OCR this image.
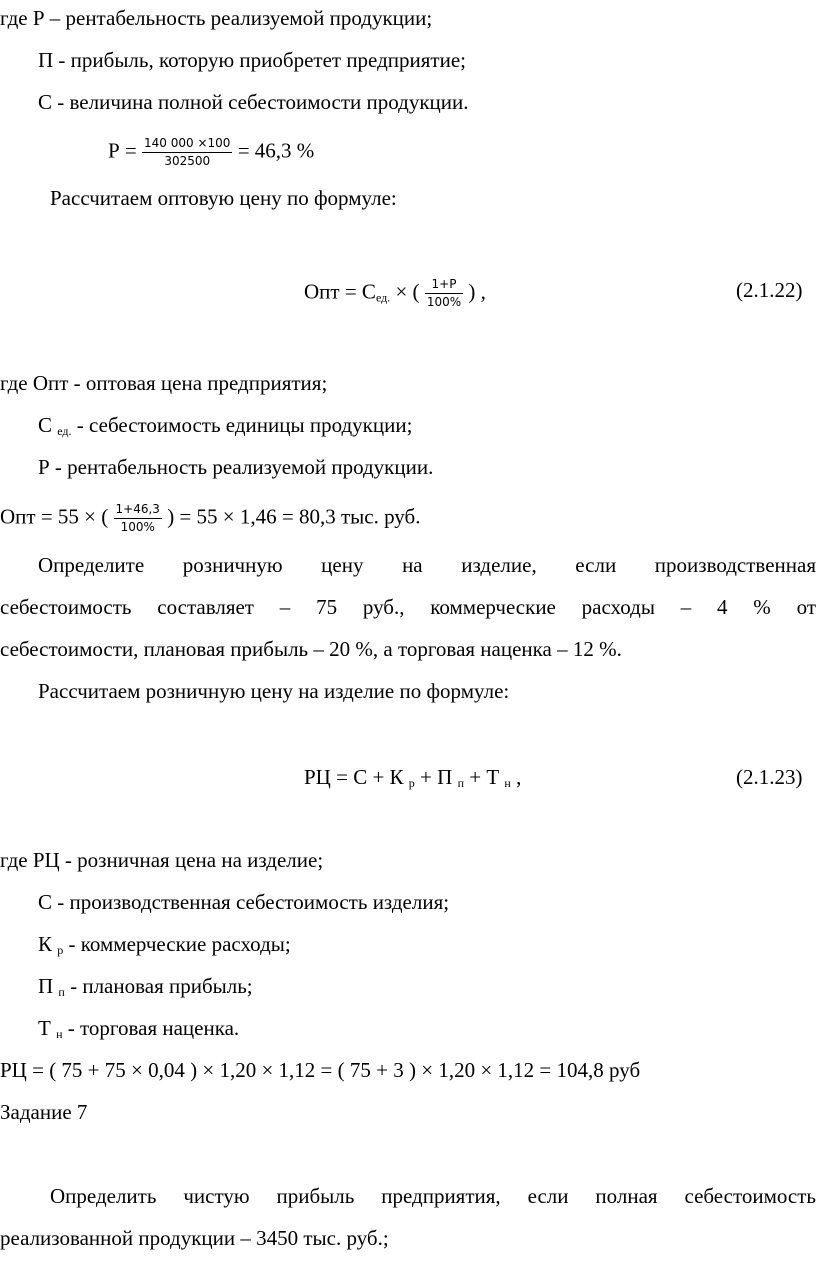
где Р – рентабельность реализуемой продукции;
П - прибыль, которую приобретет предприятие;
С - величина полной себестоимости продукции.
$Р = \frac{140 000 \times 100}{302500} = 46,3$ %
Рассчитаем оптовую цену по формуле:
Опт = $С_{ед.}$ × ( $\frac{1+Р}{100\%}$ ) ,	(2.1.22)
где Опт - оптовая цена предприятия;
С $_{ед.}$ - себестоимость единицы продукции;
Р - рентабельность реализуемой продукции.
Опт = 55 × ( $\frac{1+46,3}{100\%}$ ) = 55 × 1,46 = 80,3 тыс. руб.
Определите розничную цену на изделие, если производственная
себестоимость составляет – 75 руб., коммерческие расходы – 4 % от
себестоимости, плановая прибыль – 20 %, а торговая наценка – 12 %.
Рассчитаем розничную цену на изделие по формуле:
РЦ = С + К $_р$ + П $_п$ + Т $_н$ ,	(2.1.23)
где РЦ - розничная цена на изделие;
С - производственная себестоимость изделия;
К $_р$ - коммерческие расходы;
П $_п$ - плановая прибыль;
Т $_н$ - торговая наценка.
РЦ = ( 75 + 75 × 0,04 ) × 1,20 × 1,12 = ( 75 + 3 ) × 1,20 × 1,12 = 104,8 руб
Задание 7
Определить чистую прибыль предприятия, если полная себестоимость
реализованной продукции – 3450 тыс. руб.;
